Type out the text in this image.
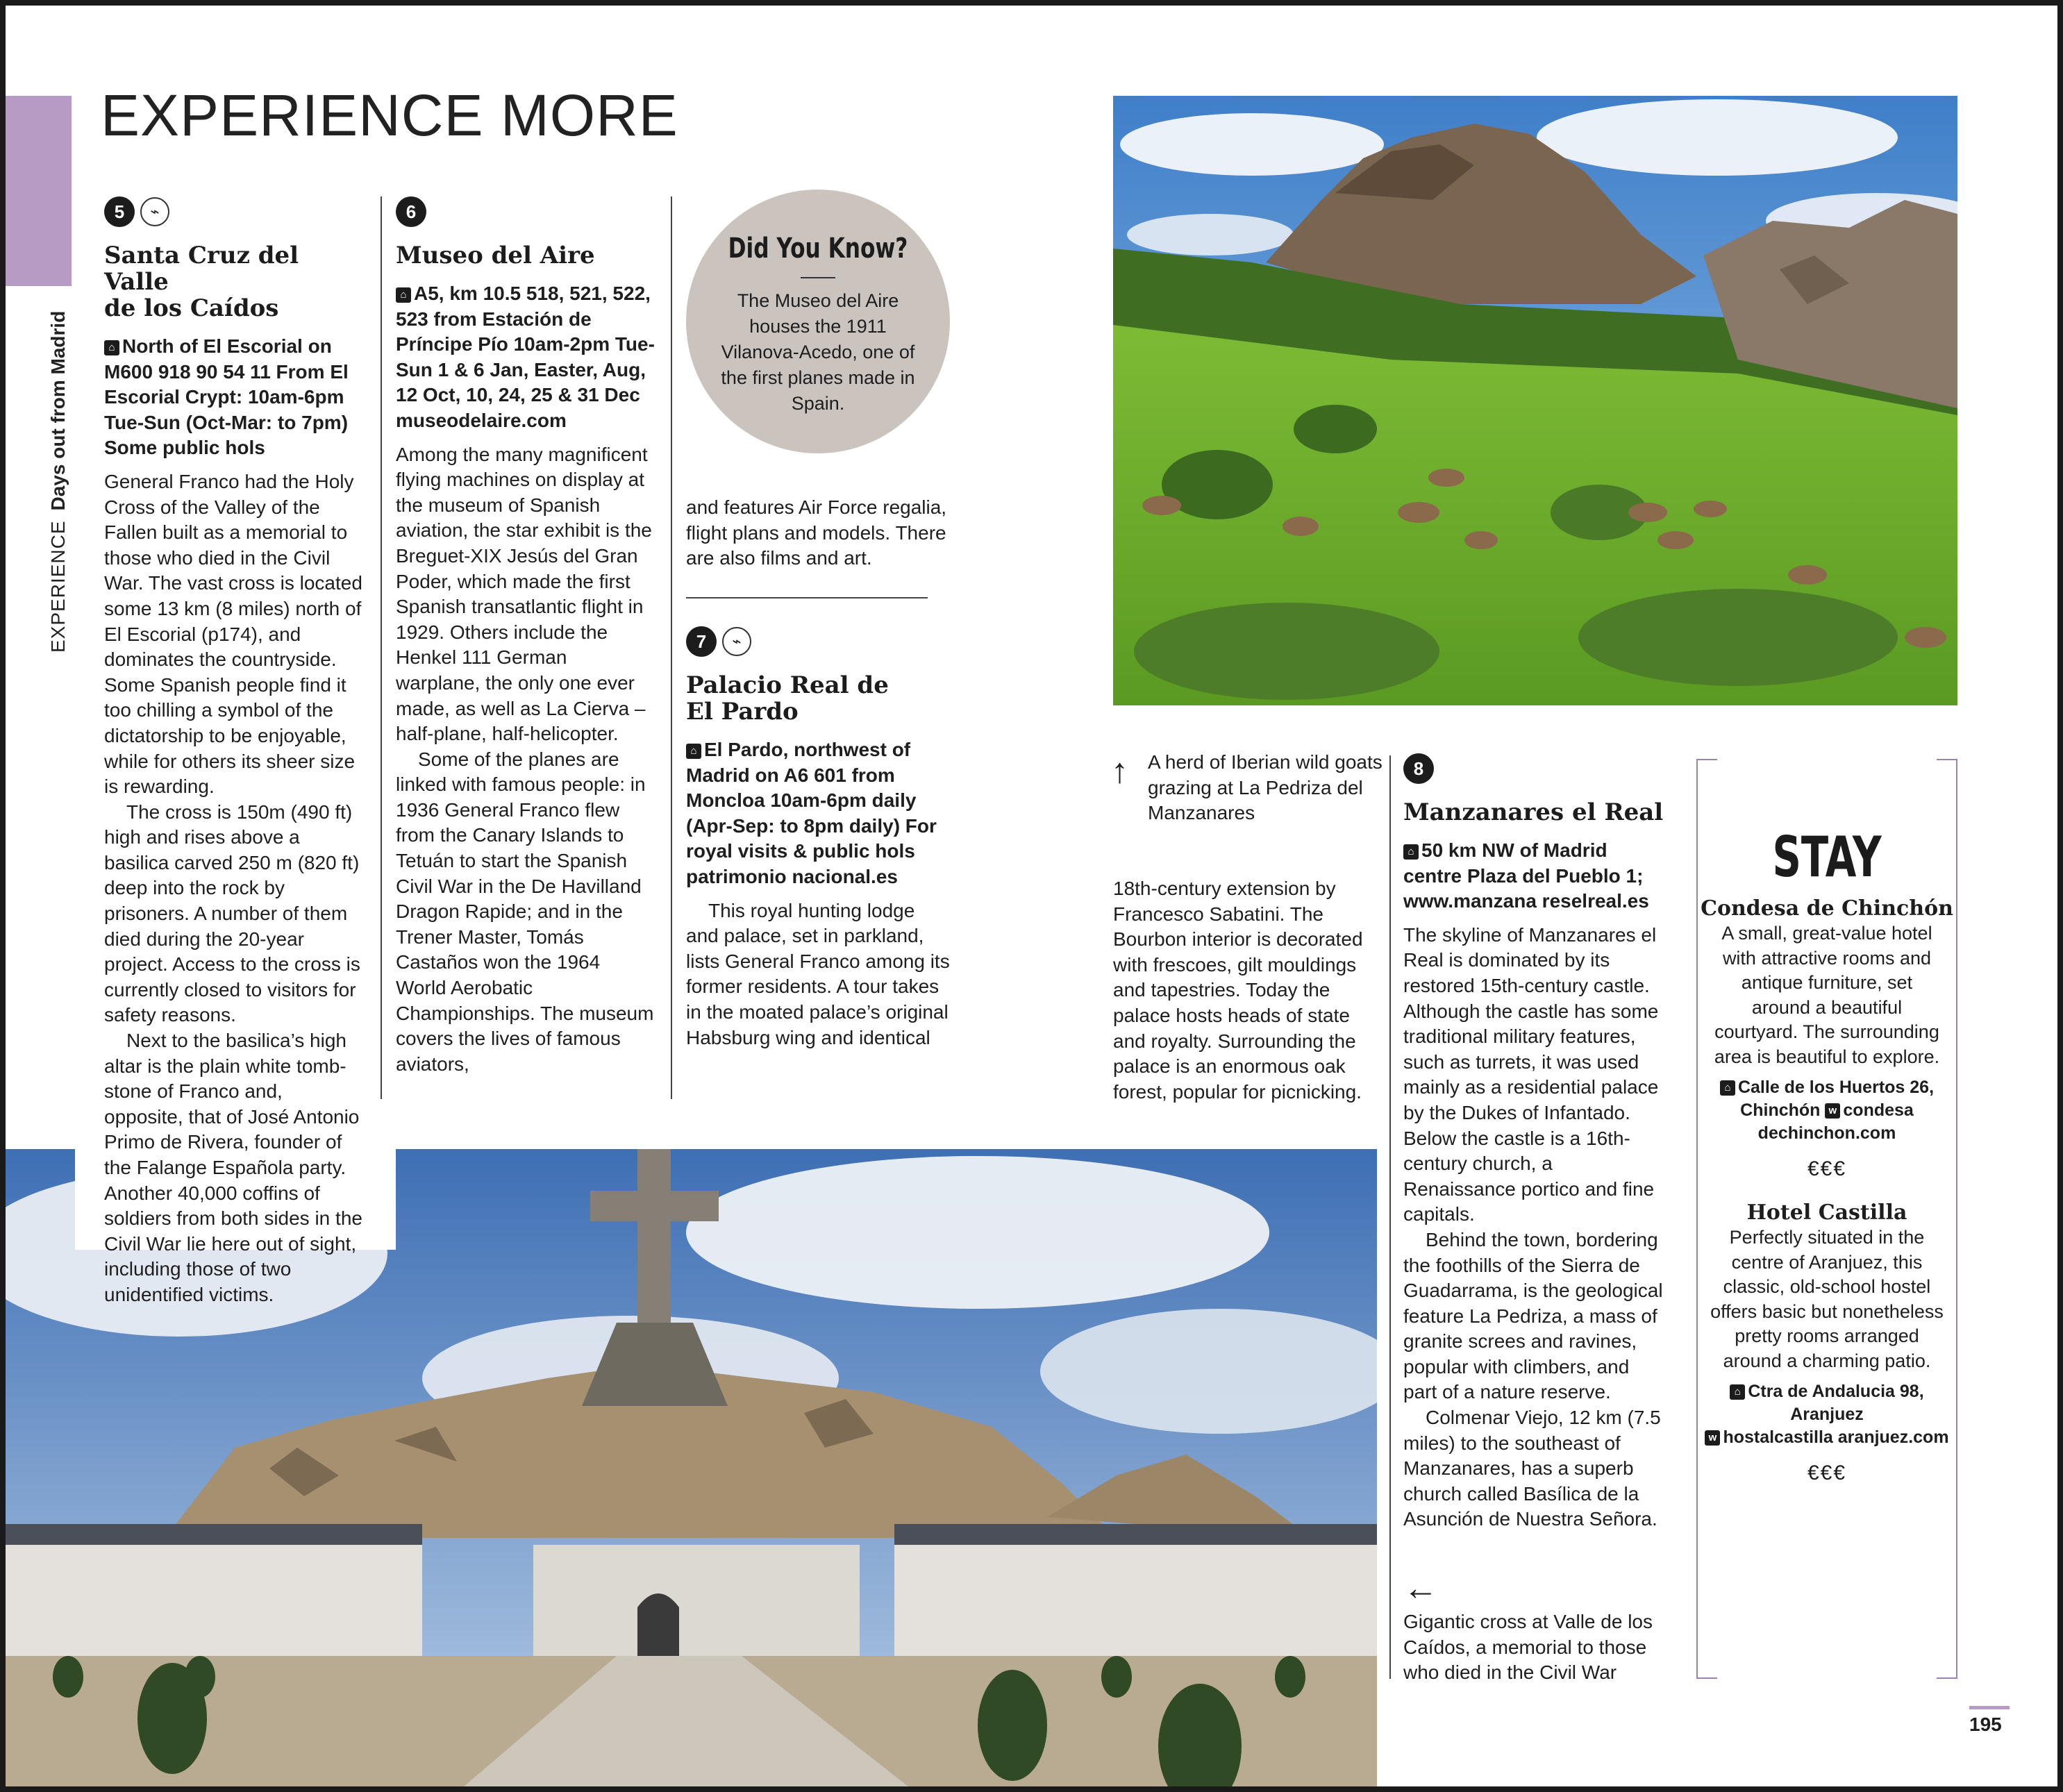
EXPERIENCEDays out from Madrid
EXPERIENCE MORE
5 ⌁
Santa Cruz del Valle
de los Caídos
⌂ North of El Escorial on M600 918 90 54 11 From El Escorial Crypt: 10am-6pm Tue-Sun (Oct-Mar: to 7pm) Some public hols

General Franco had the Holy Cross of the Valley of the Fallen built as a memorial to those who died in the Civil War. The vast cross is located some 13 km (8 miles) north of El Escorial (p174), and dominates the countryside. Some Spanish people find it too chilling a symbol of the dictatorship to be enjoyable, while for others its sheer size is rewarding.

The cross is 150m (490 ft) high and rises above a basilica carved 250 m (820 ft) deep into the rock by prisoners. A number of them died during the 20-year project. Access to the cross is currently closed to visitors for safety reasons.

Next to the basilica’s high altar is the plain white tombstone of Franco and, opposite, that of José Antonio Primo de Rivera, founder of the Falange Española party. Another 40,000 coffins of soldiers from both sides in the Civil War lie here out of sight, including those of two unidentified victims.

6
Museo del Aire
⌂ A5, km 10.5 518, 521, 522, 523 from Estación de Príncipe Pío 10am-2pm Tue-Sun 1 & 6 Jan, Easter, Aug, 12 Oct, 10, 24, 25 & 31 Dec museodelaire.com

Among the many magnificent flying machines on display at the museum of Spanish aviation, the star exhibit is the Breguet-XIX Jesús del Gran Poder, which made the first Spanish transatlantic flight in 1929. Others include the Henkel 111 German warplane, the only one ever made, as well as La Cierva – half-plane, half-helicopter.

Some of the planes are linked with famous people: in 1936 General Franco flew from the Canary Islands to Tetuán to start the Spanish Civil War in the De Havilland Dragon Rapide; and in the Trener Master, Tomás Castaños won the 1964 World Aerobatic Championships. The museum covers the lives of famous aviators,

Did You Know?
The Museo del Aire houses the 1911 Vilanova-Acedo, one of the first planes made in Spain.
and features Air Force regalia, flight plans and models. There are also films and art.
7 ⌁
Palacio Real de
El Pardo
⌂ El Pardo, northwest of Madrid on A6 601 from Moncloa 10am-6pm daily (Apr-Sep: to 8pm daily) For royal visits & public hols patrimonio nacional.es

This royal hunting lodge and palace, set in parkland, lists General Franco among its former residents. A tour takes in the moated palace’s original Habsburg wing and identical

↑ A herd of Iberian wild goats grazing at La Pedriza del Manzanares
18th-century extension by Francesco Sabatini. The Bourbon interior is decorated with frescoes, gilt mouldings and tapestries. Today the palace hosts heads of state and royalty. Surrounding the palace is an enormous oak forest, popular for picnicking.
8
Manzanares el Real
⌂ 50 km NW of Madrid centre Plaza del Pueblo 1; www.manzana reselreal.es

The skyline of Manzanares el Real is dominated by its restored 15th-century castle. Although the castle has some traditional military features, such as turrets, it was used mainly as a residential palace by the Dukes of Infantado. Below the castle is a 16th-century church, a Renaissance portico and fine capitals.

Behind the town, bordering the foothills of the Sierra de Guadarrama, is the geological feature La Pedriza, a mass of granite screes and ravines, popular with climbers, and part of a nature reserve.

Colmenar Viejo, 12 km (7.5 miles) to the southeast of Manzanares, has a superb church called Basílica de la Asunción de Nuestra Señora.

←
Gigantic cross at Valle de los Caídos, a memorial to those who died in the Civil War
STAY
Condesa de Chinchón
A small, great-value hotel with attractive rooms and antique furniture, set around a beautiful courtyard. The surrounding area is beautiful to explore.
⌂ Calle de los Huertos 26, Chinchón w condesa dechinchon.com
€€€
Hotel Castilla
Perfectly situated in the centre of Aranjuez, this classic, old-school hostel offers basic but nonetheless pretty rooms arranged around a charming patio.
⌂ Ctra de Andalucia 98, Aranjuez
w hostalcastilla aranjuez.com
€€€
195
